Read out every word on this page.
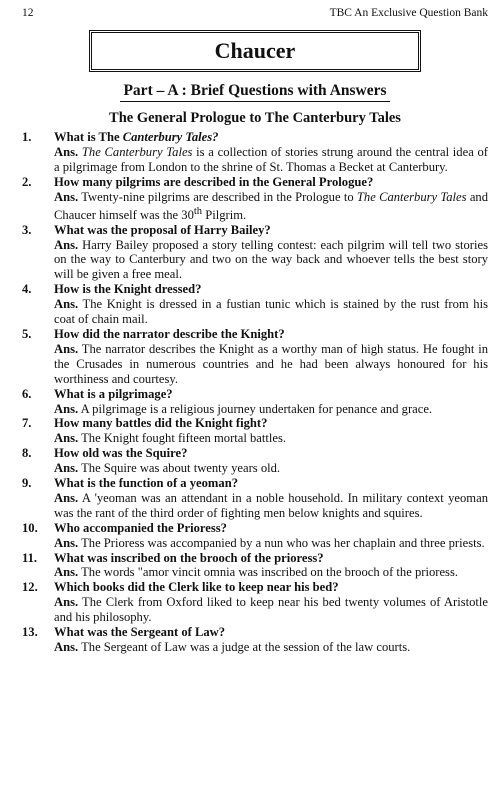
12	TBC An Exclusive Question Bank
Chaucer
Part – A : Brief Questions with Answers
The General Prologue to The Canterbury Tales
1.	What is The Canterbury Tales?
Ans. The Canterbury Tales is a collection of stories strung around the central idea of a pilgrimage from London to the shrine of St. Thomas a Becket at Canterbury.
2.	How many pilgrims are described in the General Prologue?
Ans. Twenty-nine pilgrims are described in the Prologue to The Canterbury Tales and Chaucer himself was the 30th Pilgrim.
3.	What was the proposal of Harry Bailey?
Ans. Harry Bailey proposed a story telling contest: each pilgrim will tell two stories on the way to Canterbury and two on the way back and whoever tells the best story will be given a free meal.
4.	How is the Knight dressed?
Ans. The Knight is dressed in a fustian tunic which is stained by the rust from his coat of chain mail.
5.	How did the narrator describe the Knight?
Ans. The narrator describes the Knight as a worthy man of high status. He fought in the Crusades in numerous countries and he had been always honoured for his worthiness and courtesy.
6.	What is a pilgrimage?
Ans. A pilgrimage is a religious journey undertaken for penance and grace.
7.	How many battles did the Knight fight?
Ans. The Knight fought fifteen mortal battles.
8.	How old was the Squire?
Ans. The Squire was about twenty years old.
9.	What is the function of a yeoman?
Ans. A 'yeoman was an attendant in a noble household. In military context yeoman was the rant of the third order of fighting men below knights and squires.
10.	Who accompanied the Prioress?
Ans. The Prioress was accompanied by a nun who was her chaplain and three priests.
11.	What was inscribed on the brooch of the prioress?
Ans. The words "amor vincit omnia was inscribed on the brooch of the prioress.
12.	Which books did the Clerk like to keep near his bed?
Ans. The Clerk from Oxford liked to keep near his bed twenty volumes of Aristotle and his philosophy.
13.	What was the Sergeant of Law?
Ans. The Sergeant of Law was a judge at the session of the law courts.
